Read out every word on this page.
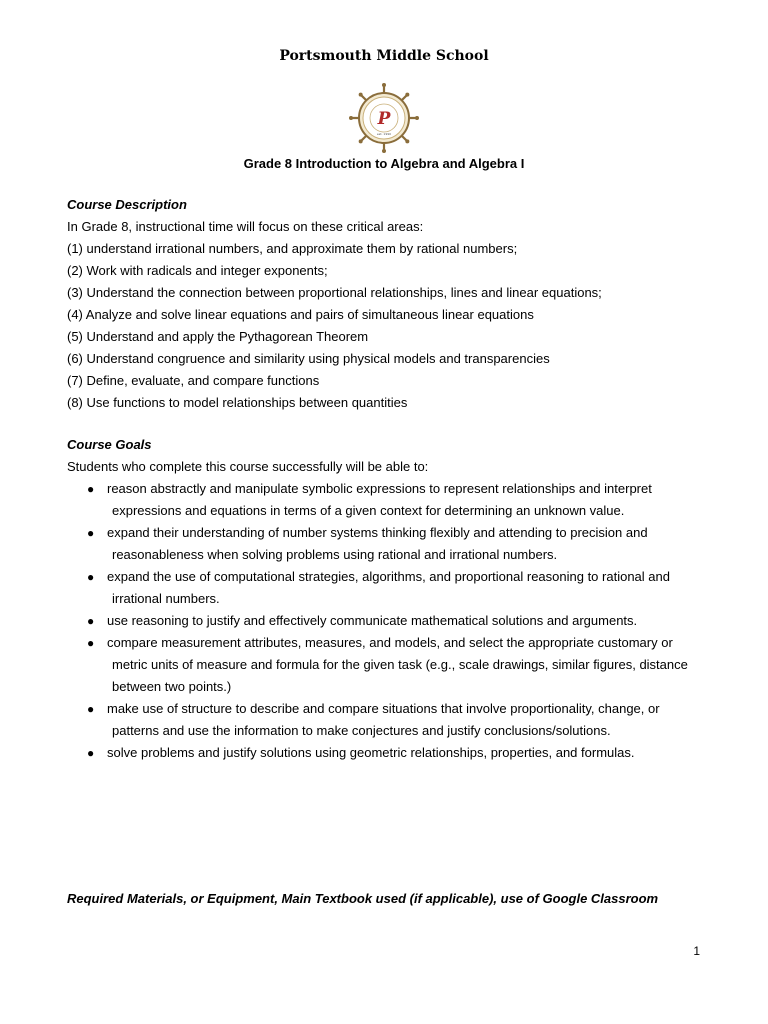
Portsmouth Middle School
P
est. 1990
Grade 8 Introduction to Algebra and Algebra I
Course Description
In Grade 8, instructional time will focus on these critical areas:
(1) understand irrational numbers, and approximate them by rational numbers;
(2) Work with radicals and integer exponents;
(3) Understand the connection between proportional relationships, lines and linear equations;
(4) Analyze and solve linear equations and pairs of simultaneous linear equations
(5) Understand and apply the Pythagorean Theorem
(6) Understand congruence and similarity using physical models and transparencies
(7) Define, evaluate, and compare functions
(8) Use functions to model relationships between quantities
Course Goals
Students who complete this course successfully will be able to:
● reason abstractly and manipulate symbolic expressions to represent relationships and interpret expressions and equations in terms of a given context for determining an unknown value.
● expand their understanding of number systems thinking flexibly and attending to precision and reasonableness when solving problems using rational and irrational numbers.
● expand the use of computational strategies, algorithms, and proportional reasoning to rational and irrational numbers.
● use reasoning to justify and effectively communicate mathematical solutions and arguments.
● compare measurement attributes, measures, and models, and select the appropriate customary or metric units of measure and formula for the given task (e.g., scale drawings, similar figures, distance between two points.)
● make use of structure to describe and compare situations that involve proportionality, change, or patterns and use the information to make conjectures and justify conclusions/solutions.
● solve problems and justify solutions using geometric relationships, properties, and formulas.
Required Materials, or Equipment, Main Textbook used (if applicable), use of Google Classroom
1
